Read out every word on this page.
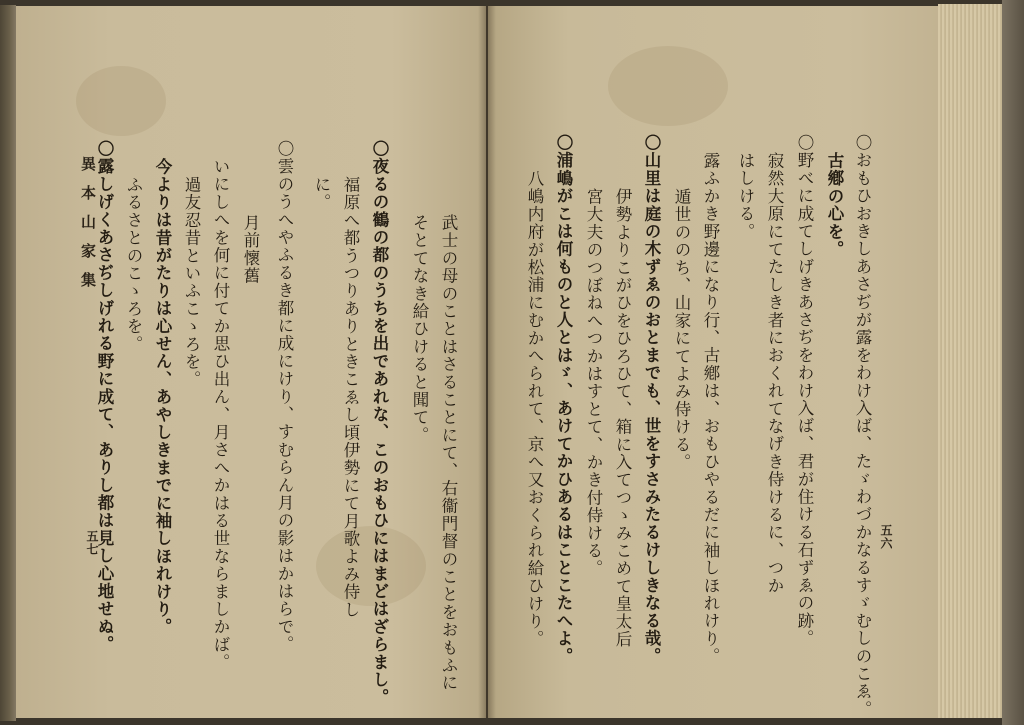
異本山家集
五七	武士の母のことはさることにて、右衞門督のことをおもふに
そとてなき給ひけると聞て。
〇夜るの鶴の都のうちを出であれな、このおもひにはまどはざらまし。
福原へ都うつりありときこゑし頃伊勢にて月歌よみ侍し
に。
〇雲のうへやふるき都に成にけり、すむらん月の影はかはらで。
月前懷舊
いにしへを何に付てか思ひ出ん、月さへかはる世ならましかば。
過友忍昔といふこゝろを。
今よりは昔がたりは心せん、あやしきまでに袖しほれけり。
ふるさとのこゝろを。
〇露しげくあさぢしげれる野に成て、ありし都は見し心地せぬ。	五六
〇おもひおきしあさぢが露をわけ入ば、たゞわづかなるすゞむしのこゑ。
古鄕の心を。
〇野べに成てしげきあさぢをわけ入ば、君が住ける石ずゑの跡。
寂然大原にてたしき者におくれてなげき侍けるに、つか
はしける。
露ふかき野邊になり行、古鄕は、おもひやるだに袖しほれけり。
遁世ののち、山家にてよみ侍ける。
〇山里は庭の木ずゑのおとまでも、世をすさみたるけしきなる哉。
伊勢よりこがひをひろひて、箱に入てつゝみこめて皇太后
宮大夫のつぼねへつかはすとて、かき付侍ける。
〇浦嶋がこは何ものと人とはゞ、あけてかひあるはことこたへよ。
八嶋内府が松浦にむかへられて、京へ又おくられ給ひけり。
